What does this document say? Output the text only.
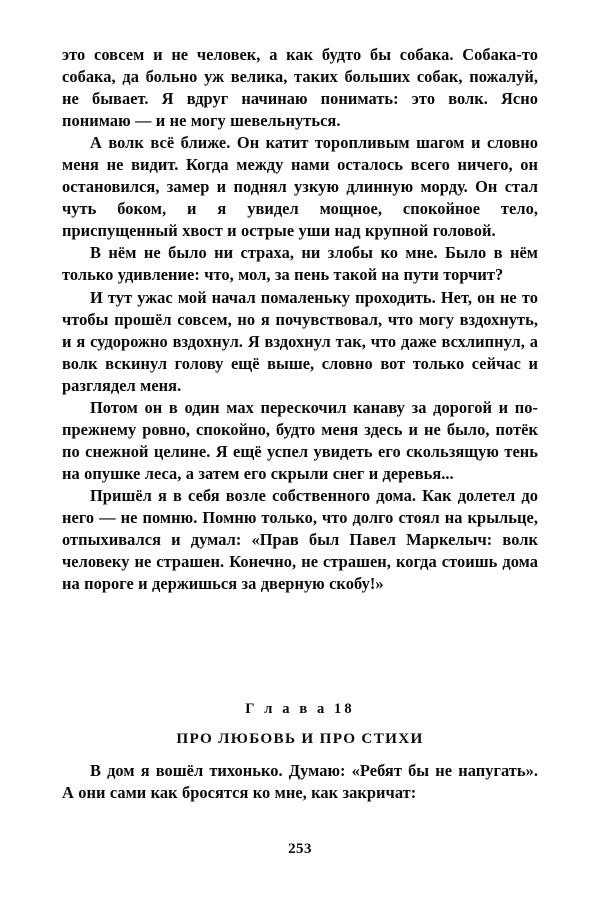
это совсем и не человек, а как будто бы собака. Собака-то собака, да больно уж велика, таких больших собак, пожалуй, не бывает. Я вдруг начинаю понимать: это волк. Ясно понимаю — и не могу шевельнуться.

А волк всё ближе. Он катит торопливым шагом и словно меня не видит. Когда между нами осталось всего ничего, он остановился, замер и поднял узкую длинную морду. Он стал чуть боком, и я увидел мощное, спокойное тело, приспущенный хвост и острые уши над крупной головой.

В нём не было ни страха, ни злобы ко мне. Было в нём только удивление: что, мол, за пень такой на пути торчит?

И тут ужас мой начал помаленьку проходить. Нет, он не то чтобы прошёл совсем, но я почувствовал, что могу вздохнуть, и я судорожно вздохнул. Я вздохнул так, что даже всхлипнул, а волк вскинул голову ещё выше, словно вот только сейчас и разглядел меня.

Потом он в один мах перескочил канаву за дорогой и по-прежнему ровно, спокойно, будто меня здесь и не было, потёк по снежной целине. Я ещё успел увидеть его скользящую тень на опушке леса, а затем его скрыли снег и деревья...

Пришёл я в себя возле собственного дома. Как долетел до него — не помню. Помню только, что долго стоял на крыльце, отпыхивался и думал: «Прав был Павел Маркелыч: волк человеку не страшен. Конечно, не страшен, когда стоишь дома на пороге и держишься за дверную скобу!»

Г л а в а 18

ПРО ЛЮБОВЬ И ПРО СТИХИ

В дом я вошёл тихонько. Думаю: «Ребят бы не напугать». А они сами как бросятся ко мне, как закричат:

253
